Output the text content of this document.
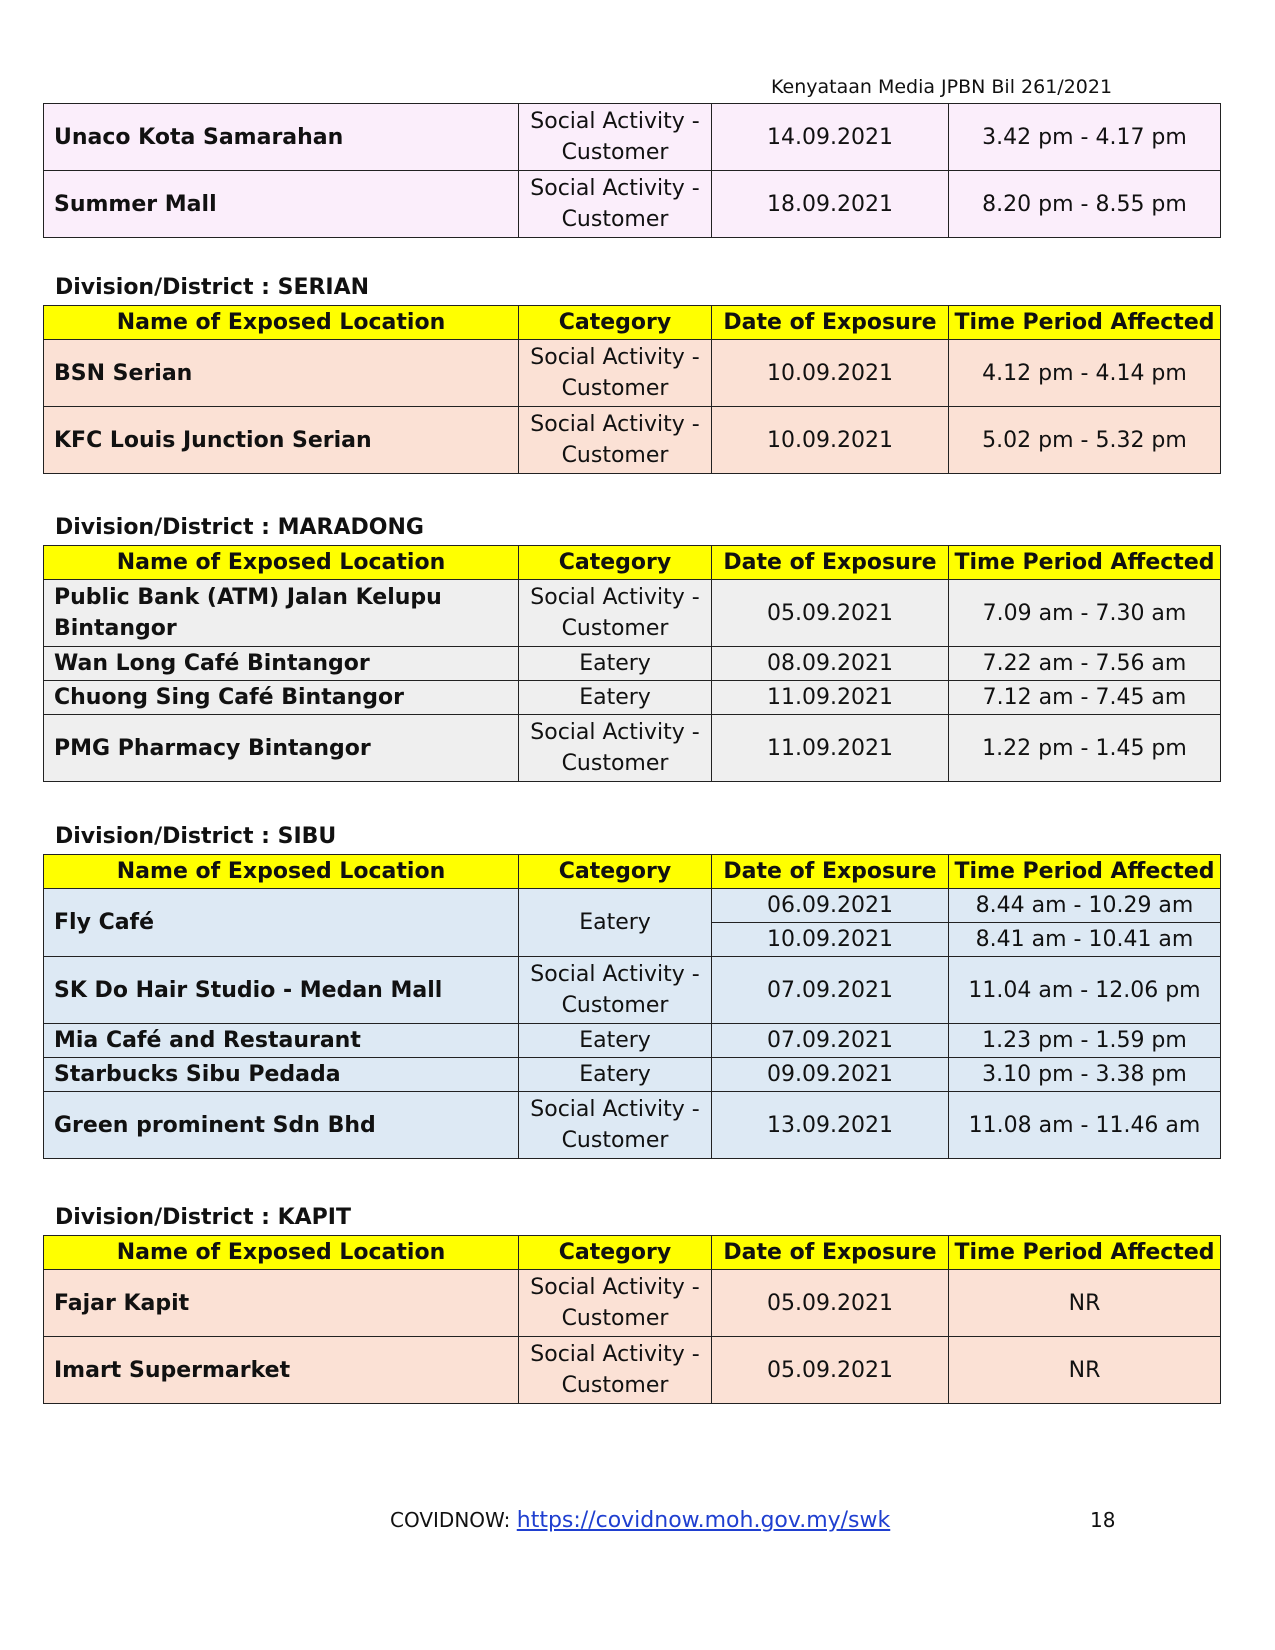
Kenyataan Media JPBN Bil 261/2021
Unaco Kota Samarahan	Social Activity -
Customer	14.09.2021	3.42 pm - 4.17 pm
Summer Mall	Social Activity -
Customer	18.09.2021	8.20 pm - 8.55 pm
Division/District : SERIAN
Name of Exposed Location	Category	Date of Exposure	Time Period Affected
BSN Serian	Social Activity -
Customer	10.09.2021	4.12 pm - 4.14 pm
KFC Louis Junction Serian	Social Activity -
Customer	10.09.2021	5.02 pm - 5.32 pm
Division/District : MARADONG
Name of Exposed Location	Category	Date of Exposure	Time Period Affected
Public Bank (ATM) Jalan Kelupu
Bintangor	Social Activity -
Customer	05.09.2021	7.09 am - 7.30 am
Wan Long Café Bintangor	Eatery	08.09.2021	7.22 am - 7.56 am
Chuong Sing Café Bintangor	Eatery	11.09.2021	7.12 am - 7.45 am
PMG Pharmacy Bintangor	Social Activity -
Customer	11.09.2021	1.22 pm - 1.45 pm
Division/District : SIBU
Name of Exposed Location	Category	Date of Exposure	Time Period Affected
Fly Café	Eatery	06.09.2021	8.44 am - 10.29 am
		10.09.2021	8.41 am - 10.41 am
SK Do Hair Studio - Medan Mall	Social Activity -
Customer	07.09.2021	11.04 am - 12.06 pm
Mia Café and Restaurant	Eatery	07.09.2021	1.23 pm - 1.59 pm
Starbucks Sibu Pedada	Eatery	09.09.2021	3.10 pm - 3.38 pm
Green prominent Sdn Bhd	Social Activity -
Customer	13.09.2021	11.08 am - 11.46 am
Division/District : KAPIT
Name of Exposed Location	Category	Date of Exposure	Time Period Affected
Fajar Kapit	Social Activity -
Customer	05.09.2021	NR
Imart Supermarket	Social Activity -
Customer	05.09.2021	NR
COVIDNOW: https://covidnow.moh.gov.my/swk	18
